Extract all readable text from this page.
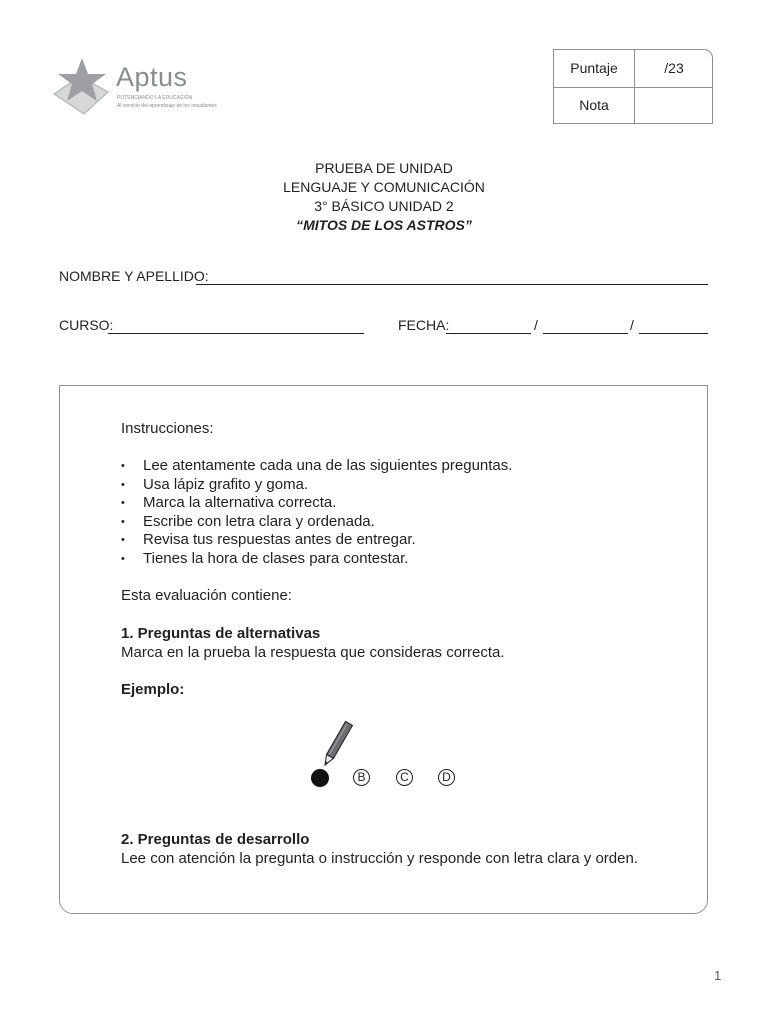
Aptus
POTENCIANDO LA EDUCACIÓN
Al servicio del aprendizaje de los estudiantes
Puntaje	/23
Nota
PRUEBA DE UNIDAD
LENGUAJE Y COMUNICACIÓN
3° BÁSICO UNIDAD 2
“MITOS DE LOS ASTROS”
NOMBRE Y APELLIDO:
CURSO:	FECHA:	/	/
Instrucciones:
• Lee atentamente cada una de las siguientes preguntas.
• Usa lápiz grafito y goma.
• Marca la alternativa correcta.
• Escribe con letra clara y ordenada.
• Revisa tus respuestas antes de entregar.
• Tienes la hora de clases para contestar.
Esta evaluación contiene:
1. Preguntas de alternativas
Marca en la prueba la respuesta que consideras correcta.
Ejemplo:
B	C	D
2. Preguntas de desarrollo
Lee con atención la pregunta o instrucción y responde con letra clara y orden.
1
